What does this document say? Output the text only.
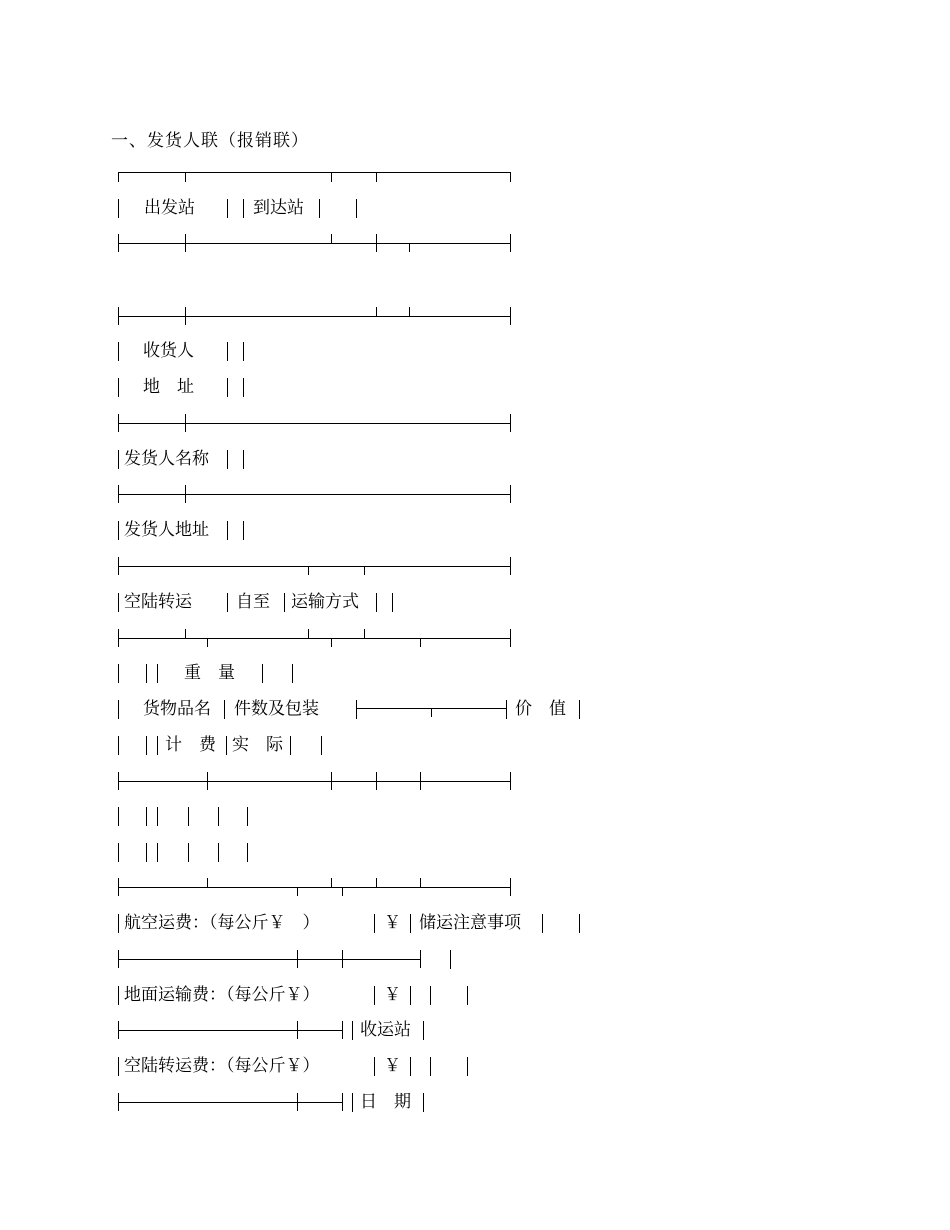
一、发货人联（报销联）
出发站	到达站
收货人
地　址
发货人名称
发货人地址
空陆转运	自至 运输方式
重　量
货物品名 件数及包装	价　值
计　费 实　际
航空运费：（每公斤￥　）	￥ 储运注意事项
地面运输费：（每公斤￥）	￥
收运站
空陆转运费：（每公斤￥）	￥
日　期
